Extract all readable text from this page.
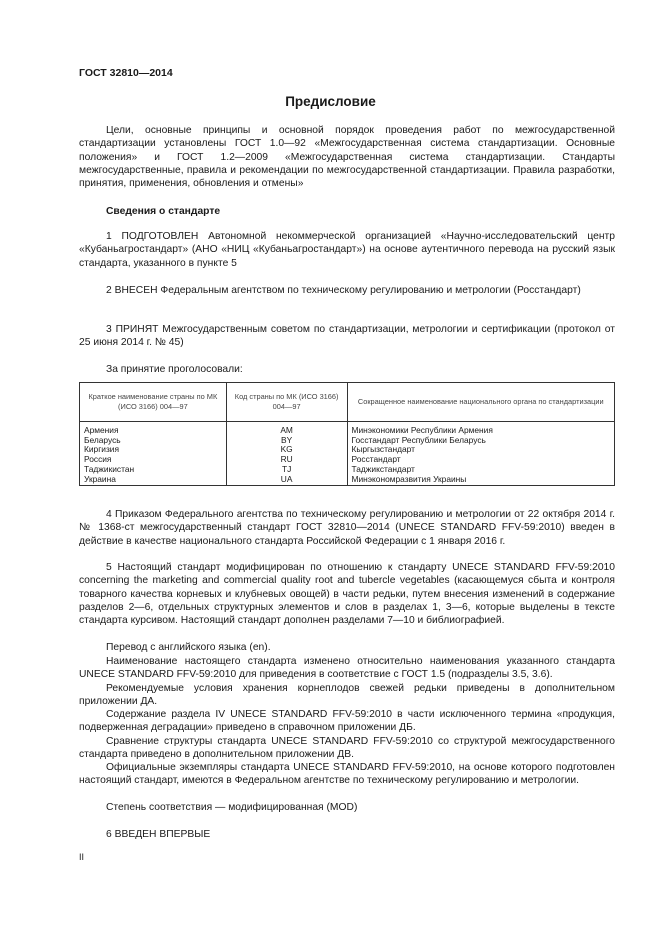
ГОСТ 32810—2014
Предисловие

Цели, основные принципы и основной порядок проведения работ по межгосударственной стандартизации установлены ГОСТ 1.0—92 «Межгосударственная система стандартизации. Основные положения» и ГОСТ 1.2—2009 «Межгосударственная система стандартизации. Стандарты межгосударственные, правила и рекомендации по межгосударственной стандартизации. Правила разработки, принятия, применения, обновления и отмены»

Сведения о стандарте

1 ПОДГОТОВЛЕН Автономной некоммерческой организацией «Научно-исследовательский центр «Кубаньагростандарт» (АНО «НИЦ «Кубаньагростандарт») на основе аутентичного перевода на русский язык стандарта, указанного в пункте 5

2 ВНЕСЕН Федеральным агентством по техническому регулированию и метрологии (Росстандарт)

3 ПРИНЯТ Межгосударственным советом по стандартизации, метрологии и сертификации (протокол от 25 июня 2014 г. № 45)

За принятие проголосовали:

Краткое наименование страны по МК (ИСО 3166) 004—97	Код страны по МК (ИСО 3166) 004—97	Сокращенное наименование национального органа по стандартизации
Армения	AM	Минэкономики Республики Армения
Беларусь	BY	Госстандарт Республики Беларусь
Киргизия	KG	Кыргызстандарт
Россия	RU	Росстандарт
Таджикистан	TJ	Таджикстандарт
Украина	UA	Минэкономразвития Украины

4 Приказом Федерального агентства по техническому регулированию и метрологии от 22 октября 2014 г. № 1368-ст межгосударственный стандарт ГОСТ 32810—2014 (UNECE STANDARD FFV-59:2010) введен в действие в качестве национального стандарта Российской Федерации с 1 января 2016 г.

5 Настоящий стандарт модифицирован по отношению к стандарту UNECE STANDARD FFV-59:2010 concerning the marketing and commercial quality root and tubercle vegetables (касающемуся сбыта и контроля товарного качества корневых и клубневых овощей) в части редьки, путем внесения изменений в содержание разделов 2—6, отдельных структурных элементов и слов в разделах 1, 3—6, которые выделены в тексте стандарта курсивом. Настоящий стандарт дополнен разделами 7—10 и библиографией.

Перевод с английского языка (en).

Наименование настоящего стандарта изменено относительно наименования указанного стандарта UNECE STANDARD FFV-59:2010 для приведения в соответствие с ГОСТ 1.5 (подразделы 3.5, 3.6).

Рекомендуемые условия хранения корнеплодов свежей редьки приведены в дополнительном приложении ДА.

Содержание раздела IV UNECE STANDARD FFV-59:2010 в части исключенного термина «продукция, подверженная деградации» приведено в справочном приложении ДБ.

Сравнение структуры стандарта UNECE STANDARD FFV-59:2010 со структурой межгосударственного стандарта приведено в дополнительном приложении ДВ.

Официальные экземпляры стандарта UNECE STANDARD FFV-59:2010, на основе которого подготовлен настоящий стандарт, имеются в Федеральном агентстве по техническому регулированию и метрологии.

Степень соответствия — модифицированная (MOD)

6 ВВЕДЕН ВПЕРВЫЕ

II
